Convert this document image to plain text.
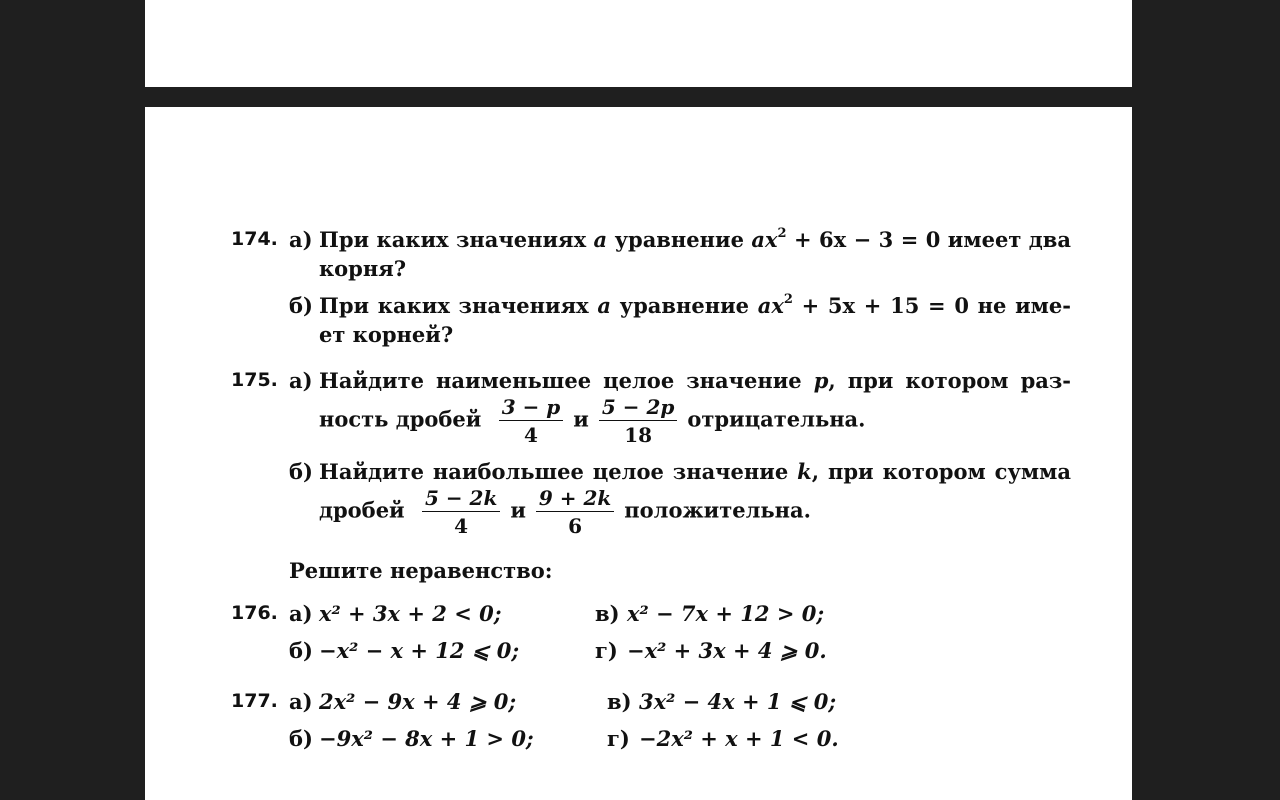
174. а) При каких значениях a уравнение $ax^2 + 6x - 3 = 0$ имеет два корня?
б) При каких значениях a уравнение $ax^2 + 5x + 15 = 0$ не име-ет корней?
175. а) Найдите наименьшее целое значение p, при котором раз-ность дробей $\frac{3 - p}{4}$ и $\frac{5 - 2p}{18}$ отрицательна.
б) Найдите наибольшее целое значение k, при котором сумма дробей $\frac{5 - 2k}{4}$ и $\frac{9 + 2k}{6}$ положительна.
Решите неравенство:
176. а) x² + 3x + 2 < 0;	в) x² − 7x + 12 > 0;
б) −x² − x + 12 ⩽ 0;	г) −x² + 3x + 4 ⩾ 0.
177. а) 2x² − 9x + 4 ⩾ 0;	в) 3x² − 4x + 1 ⩽ 0;
б) −9x² − 8x + 1 > 0;	г) −2x² + x + 1 < 0.
